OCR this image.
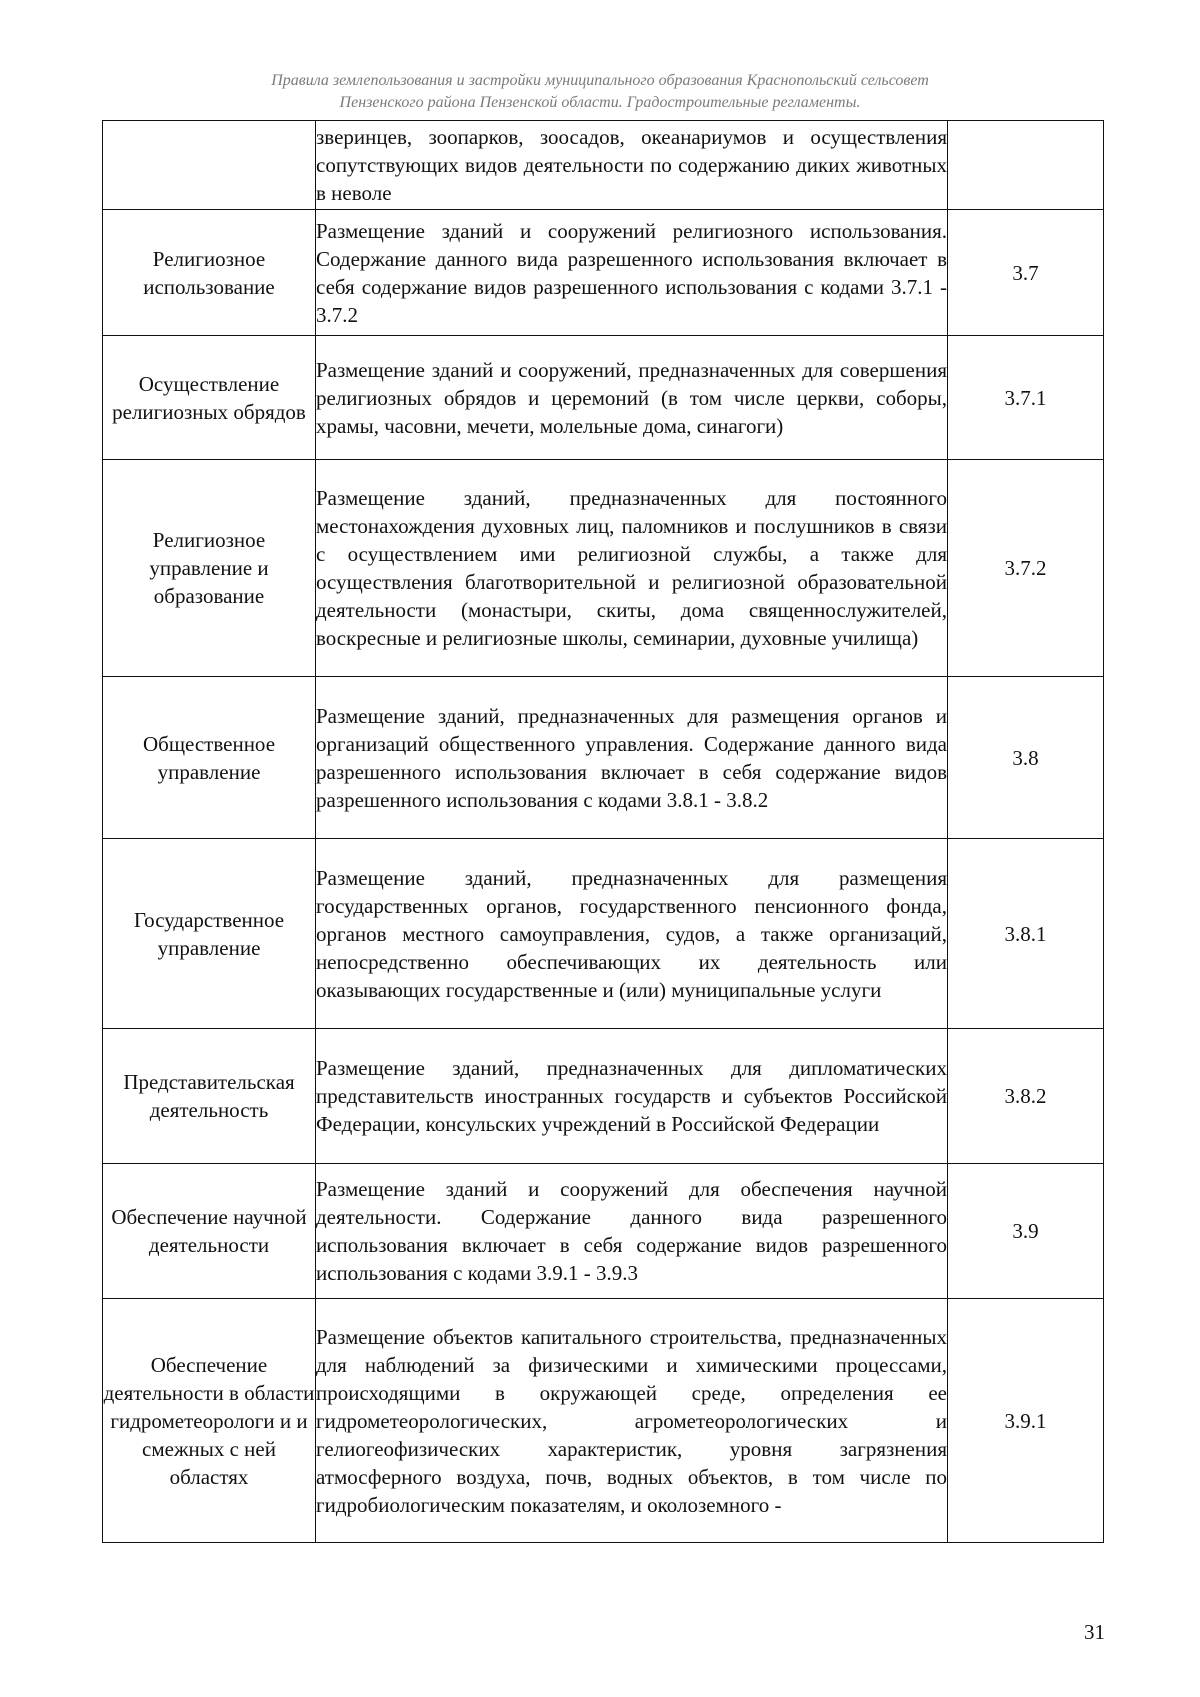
Правила землепользования и застройки муниципального образования Краснопольский сельсовет
Пензенского района Пензенской области. Градостроительные регламенты.
	зверинцев, зоопарков, зоосадов, океанариумов и осуществления сопутствующих видов деятельности по содержанию диких животных в неволе	
Религиозное использование	Размещение зданий и сооружений религиозного использования. Содержание данного вида разрешенного использования включает в себя содержание видов разрешенного использования с кодами 3.7.1 - 3.7.2	3.7
Осуществление религиозных обрядов	Размещение зданий и сооружений, предназначенных для совершения религиозных обрядов и церемоний (в том числе церкви, соборы, храмы, часовни, мечети, молельные дома, синагоги)	3.7.1
Религиозное управление и образование	Размещение зданий, предназначенных для постоянного местонахождения духовных лиц, паломников и послушников в связи с осуществлением ими религиозной службы, а также для осуществления благотворительной и религиозной образовательной деятельности (монастыри, скиты, дома священнослужителей, воскресные и религиозные школы, семинарии, духовные училища)	3.7.2
Общественное управление	Размещение зданий, предназначенных для размещения органов и организаций общественного управления. Содержание данного вида разрешенного использования включает в себя содержание видов разрешенного использования с кодами 3.8.1 - 3.8.2	3.8
Государственное управление	Размещение зданий, предназначенных для размещения государственных органов, государственного пенсионного фонда, органов местного самоуправления, судов, а также организаций, непосредственно обеспечивающих их деятельность или оказывающих государственные и (или) муниципальные услуги	3.8.1
Представительская деятельность	Размещение зданий, предназначенных для дипломатических представительств иностранных государств и субъектов Российской Федерации, консульских учреждений в Российской Федерации	3.8.2
Обеспечение научной деятельности	Размещение зданий и сооружений для обеспечения научной деятельности. Содержание данного вида разрешенного использования включает в себя содержание видов разрешенного использования с кодами 3.9.1 - 3.9.3	3.9
Обеспечение деятельности в области гидрометеорологи и и смежных с ней областях	Размещение объектов капитального строительства, предназначенных для наблюдений за физическими и химическими процессами, происходящими в окружающей среде, определения ее гидрометеорологических, агрометеорологических и гелиогеофизических характеристик, уровня загрязнения атмосферного воздуха, почв, водных объектов, в том числе по гидробиологическим показателям, и околоземного -	3.9.1
31
